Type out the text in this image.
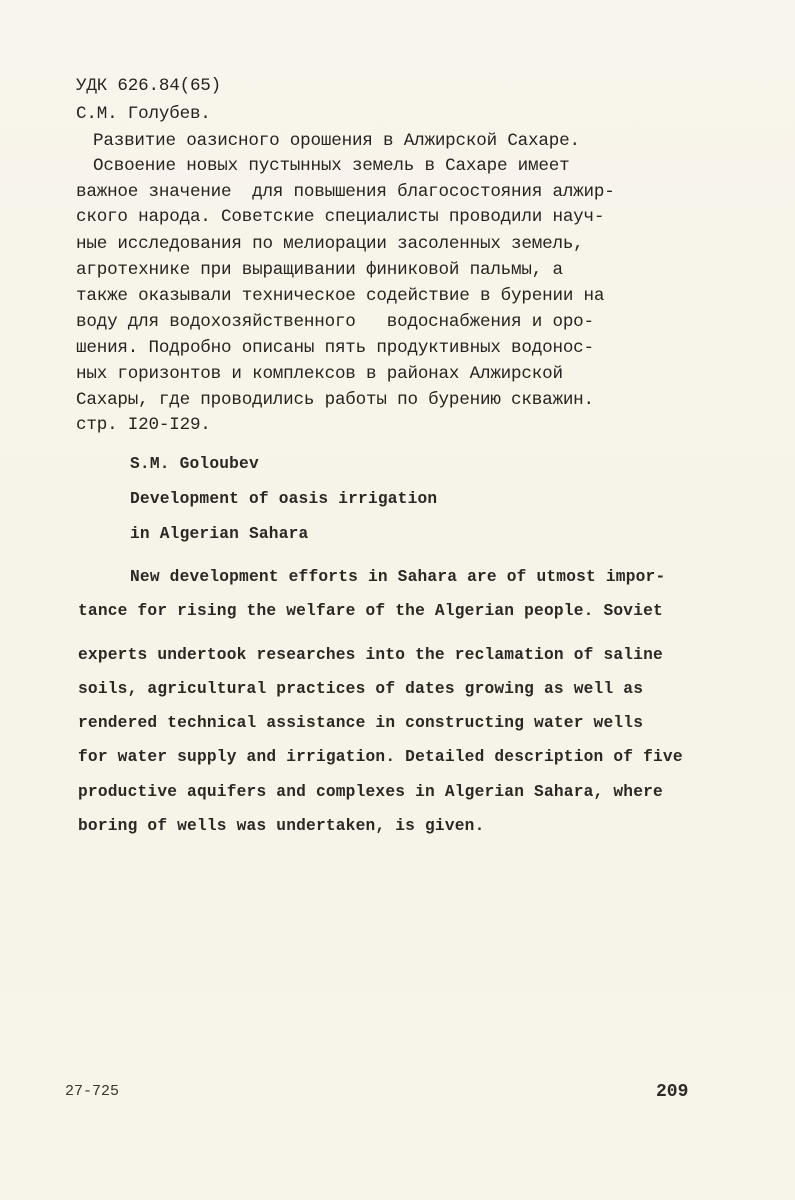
УДК 626.84(65)
С.М. Голубев.
Развитие оазисного орошения в Алжирской Сахаре.
Освоение новых пустынных земель в Сахаре имеет
важное значение  для повышения благосостояния алжир-
ского народа. Советские специалисты проводили науч-
ные исследования по мелиорации засоленных земель,
агротехнике при выращивании финиковой пальмы, а
также оказывали техническое содействие в бурении на
воду для водохозяйственного   водоснабжения и оро-
шения. Подробно описаны пять продуктивных водонос-
ных горизонтов и комплексов в районах Алжирской
Сахары, где проводились работы по бурению скважин.
стр. I20-I29.
S.M. Goloubev
Development of oasis irrigation
in Algerian Sahara
New development efforts in Sahara are of utmost impor-
tance for rising the welfare of the Algerian people. Soviet
experts undertook researches into the reclamation of saline
soils, agricultural practices of dates growing as well as
rendered technical assistance in constructing water wells
for water supply and irrigation. Detailed description of five
productive aquifers and complexes in Algerian Sahara, where
boring of wells was undertaken, is given.
27-725	209
